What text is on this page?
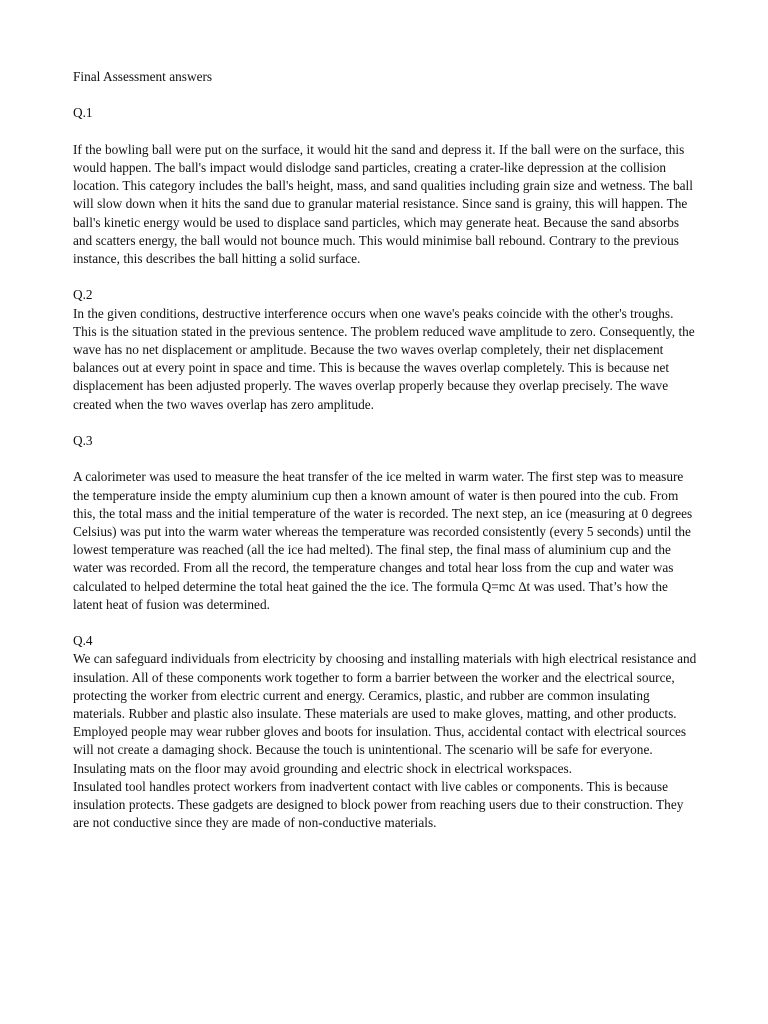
Final Assessment answers

Q.1

If the bowling ball were put on the surface, it would hit the sand and depress it. If the ball were on the surface, this would happen. The ball's impact would dislodge sand particles, creating a crater-like depression at the collision location. This category includes the ball's height, mass, and sand qualities including grain size and wetness. The ball will slow down when it hits the sand due to granular material resistance. Since sand is grainy, this will happen. The ball's kinetic energy would be used to displace sand particles, which may generate heat. Because the sand absorbs and scatters energy, the ball would not bounce much. This would minimise ball rebound. Contrary to the previous instance, this describes the ball hitting a solid surface.

Q.2

In the given conditions, destructive interference occurs when one wave's peaks coincide with the other's troughs. This is the situation stated in the previous sentence. The problem reduced wave amplitude to zero. Consequently, the wave has no net displacement or amplitude. Because the two waves overlap completely, their net displacement balances out at every point in space and time. This is because the waves overlap completely. This is because net displacement has been adjusted properly. The waves overlap properly because they overlap precisely. The wave created when the two waves overlap has zero amplitude.

Q.3

A calorimeter was used to measure the heat transfer of the ice melted in warm water. The first step was to measure the temperature inside the empty aluminium cup then a known amount of water is then poured into the cub. From this, the total mass and the initial temperature of the water is recorded. The next step, an ice (measuring at 0 degrees Celsius) was put into the warm water whereas the temperature was recorded consistently (every 5 seconds) until the lowest temperature was reached (all the ice had melted). The final step, the final mass of aluminium cup and the water was recorded. From all the record, the temperature changes and total hear loss from the cup and water was calculated to helped determine the total heat gained the the ice. The formula Q=mc ∆t was used. That’s how the latent heat of fusion was determined.

Q.4

We can safeguard individuals from electricity by choosing and installing materials with high electrical resistance and insulation. All of these components work together to form a barrier between the worker and the electrical source, protecting the worker from electric current and energy. Ceramics, plastic, and rubber are common insulating materials. Rubber and plastic also insulate. These materials are used to make gloves, matting, and other products.

Employed people may wear rubber gloves and boots for insulation. Thus, accidental contact with electrical sources will not create a damaging shock. Because the touch is unintentional. The scenario will be safe for everyone. Insulating mats on the floor may avoid grounding and electric shock in electrical workspaces.

Insulated tool handles protect workers from inadvertent contact with live cables or components. This is because insulation protects. These gadgets are designed to block power from reaching users due to their construction. They are not conductive since they are made of non-conductive materials.
